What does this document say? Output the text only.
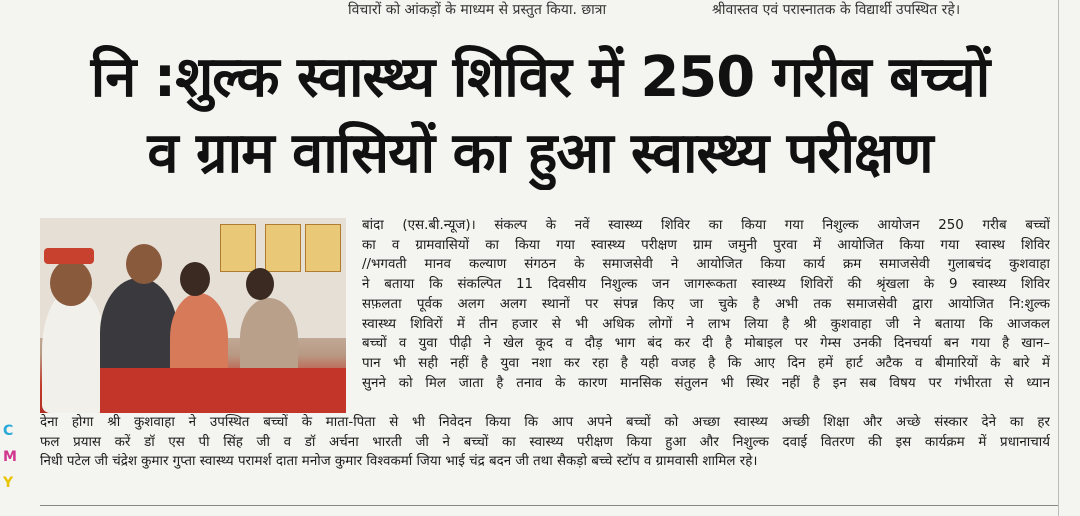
विचारों को आंकड़ों के माध्यम से प्रस्तुत किया. छात्रा	श्रीवास्तव एवं परास्नातक के विद्यार्थी उपस्थित रहे।
नि :शुल्क स्वास्थ्य शिविर में 250 गरीब बच्चों
व ग्राम वासियों का हुआ स्वास्थ्य परीक्षण

बांदा (एस.बी.न्यूज)। संकल्प के नवें स्वास्थ्य शिविर का किया गया निशुल्क आयोजन 250 गरीब बच्चों

का व ग्रामवासियों का किया गया स्वास्थ्य परीक्षण ग्राम जमुनी पुरवा में आयोजित किया गया स्वास्थ शिविर

//भगवती मानव कल्याण संगठन के समाजसेवी ने आयोजित किया कार्य क्रम समाजसेवी गुलाबचंद कुशवाहा

ने बताया कि संकल्पित 11 दिवसीय निशुल्क जन जागरूकता स्वास्थ्य शिविरों की श्रृंखला के 9 स्वास्थ्य शिविर

सफ़लता पूर्वक अलग अलग स्थानों पर संपन्न किए जा चुके है अभी तक समाजसेवी द्वारा आयोजित नि:शुल्क

स्वास्थ्य शिविरों में तीन हजार से भी अधिक लोगों ने लाभ लिया है श्री कुशवाहा जी ने बताया कि आजकल

बच्चों व युवा पीढ़ी ने खेल कूद व दौड़ भाग बंद कर दी है मोबाइल पर गेम्स उनकी दिनचर्या बन गया है खान–

पान भी सही नहीं है युवा नशा कर रहा है यही वजह है कि आए दिन हमें हार्ट अटैक व बीमारियों के बारे में

सुनने को मिल जाता है तनाव के कारण मानसिक संतुलन भी स्थिर नहीं है इन सब विषय पर गंभीरता से ध्यान

देना होगा श्री कुशवाहा ने उपस्थित बच्चों के माता-पिता से भी निवेदन किया कि आप अपने बच्चों को अच्छा स्वास्थ्य अच्छी शिक्षा और अच्छे संस्कार देने का हर

फल प्रयास करें डॉ एस पी सिंह जी व डॉ अर्चना भारती जी ने बच्चों का स्वास्थ्य परीक्षण किया हुआ और निशुल्क दवाई वितरण की इस कार्यक्रम में प्रधानाचार्य

निधी पटेल जी चंद्रेश कुमार गुप्ता स्वास्थ्य परामर्श दाता मनोज कुमार विश्वकर्मा जिया भाई चंद्र बदन जी तथा सैकड़ो बच्चे स्टॉप व ग्रामवासी शामिल रहे।

C
M
Y
